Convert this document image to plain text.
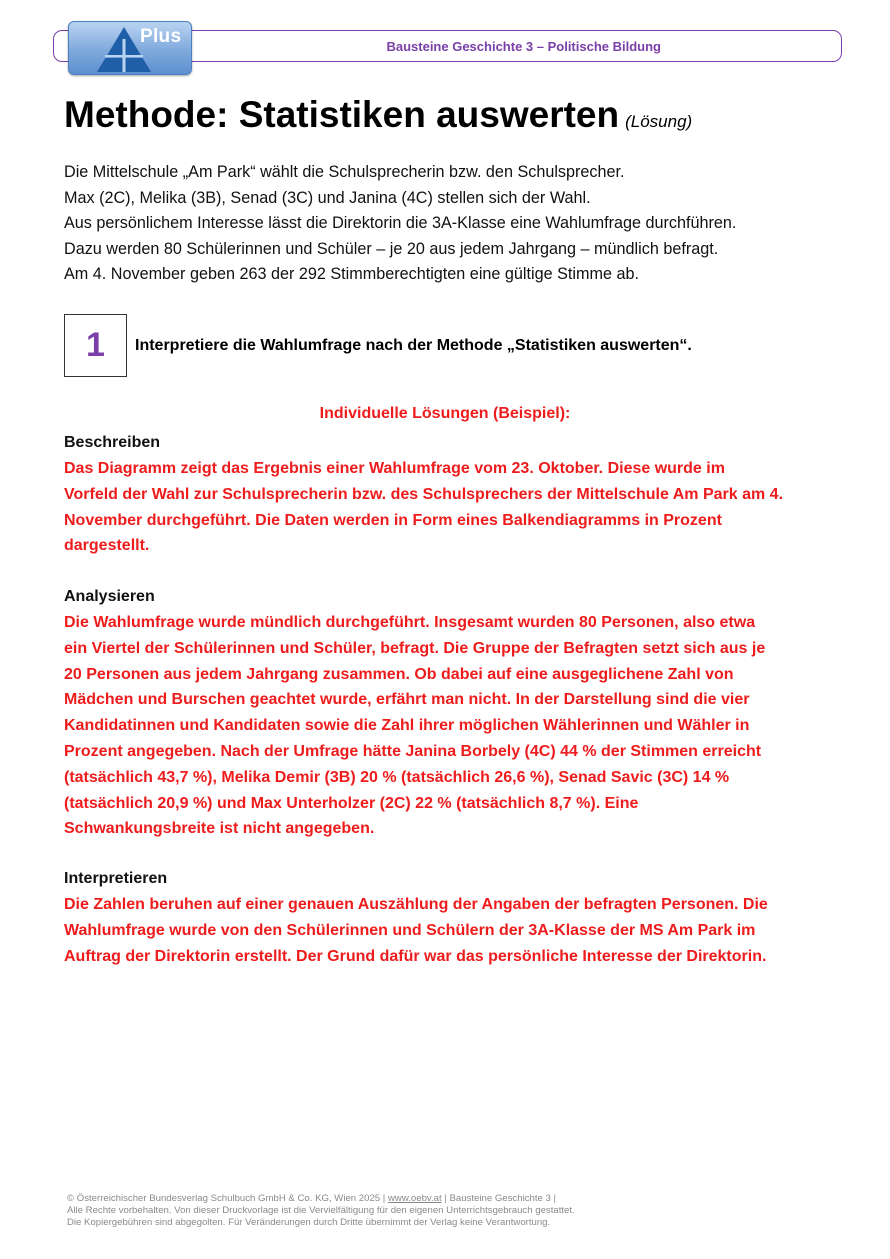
Bausteine Geschichte 3 – Politische Bildung
Plus
Methode: Statistiken auswerten (Lösung)
Die Mittelschule „Am Park“ wählt die Schulsprecherin bzw. den Schulsprecher.
Max (2C), Melika (3B), Senad (3C) und Janina (4C) stellen sich der Wahl.
Aus persönlichem Interesse lässt die Direktorin die 3A-Klasse eine Wahlumfrage durchführen.
Dazu werden 80 Schülerinnen und Schüler – je 20 aus jedem Jahrgang – mündlich befragt.
Am 4. November geben 263 der 292 Stimmberechtigten eine gültige Stimme ab.
1 Interpretiere die Wahlumfrage nach der Methode „Statistiken auswerten“.
Individuelle Lösungen (Beispiel):
Beschreiben
Das Diagramm zeigt das Ergebnis einer Wahlumfrage vom 23. Oktober. Diese wurde im
Vorfeld der Wahl zur Schulsprecherin bzw. des Schulsprechers der Mittelschule Am Park am 4.
November durchgeführt. Die Daten werden in Form eines Balkendiagramms in Prozent
dargestellt.
Analysieren
Die Wahlumfrage wurde mündlich durchgeführt. Insgesamt wurden 80 Personen, also etwa
ein Viertel der Schülerinnen und Schüler, befragt. Die Gruppe der Befragten setzt sich aus je
20 Personen aus jedem Jahrgang zusammen. Ob dabei auf eine ausgeglichene Zahl von
Mädchen und Burschen geachtet wurde, erfährt man nicht. In der Darstellung sind die vier
Kandidatinnen und Kandidaten sowie die Zahl ihrer möglichen Wählerinnen und Wähler in
Prozent angegeben. Nach der Umfrage hätte Janina Borbely (4C) 44 % der Stimmen erreicht
(tatsächlich 43,7 %), Melika Demir (3B) 20 % (tatsächlich 26,6 %), Senad Savic (3C) 14 %
(tatsächlich 20,9 %) und Max Unterholzer (2C) 22 % (tatsächlich 8,7 %). Eine
Schwankungsbreite ist nicht angegeben.
Interpretieren
Die Zahlen beruhen auf einer genauen Auszählung der Angaben der befragten Personen. Die
Wahlumfrage wurde von den Schülerinnen und Schülern der 3A-Klasse der MS Am Park im
Auftrag der Direktorin erstellt. Der Grund dafür war das persönliche Interesse der Direktorin.
© Österreichischer Bundesverlag Schulbuch GmbH & Co. KG, Wien 2025 | www.oebv.at | Bausteine Geschichte 3 |
Alle Rechte vorbehalten. Von dieser Druckvorlage ist die Vervielfältigung für den eigenen Unterrichtsgebrauch gestattet.
Die Kopiergebühren sind abgegolten. Für Veränderungen durch Dritte übernimmt der Verlag keine Verantwortung.
